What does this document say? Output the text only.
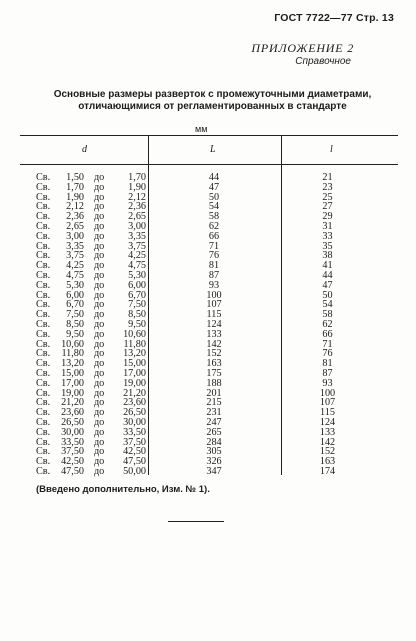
ГОСТ 7722—77 Стр. 13
ПРИЛОЖЕНИЕ 2
Справочное
Основные размеры разверток с промежуточными диаметрами,
отличающимися от регламентированных в стандарте
мм
d	L	l
Св. 1,50 до 1,70
Св. 1,70 до 1,90
Св. 1,90 до 2,12
Св. 2,12 до 2,36
Св. 2,36 до 2,65
Св. 2,65 до 3,00
Св. 3,00 до 3,35
Св. 3,35 до 3,75
Св. 3,75 до 4,25
Св. 4,25 до 4,75
Св. 4,75 до 5,30
Св. 5,30 до 6,00
Св. 6,00 до 6,70
Св. 6,70 до 7,50
Св. 7,50 до 8,50
Св. 8,50 до 9,50
Св. 9,50 до 10,60
Св. 10,60 до 11,80
Св. 11,80 до 13,20
Св. 13,20 до 15,00
Св. 15,00 до 17,00
Св. 17,00 до 19,00
Св. 19,00 до 21,20
Св. 21,20 до 23,60
Св. 23,60 до 26,50
Св. 26,50 до 30,00
Св. 30,00 до 33,50
Св. 33,50 до 37,50
Св. 37,50 до 42,50
Св. 42,50 до 47,50
Св. 47,50 до 50,00
44
47
50
54
58
62
66
71
76
81
87
93
100
107
115
124
133
142
152
163
175
188
201
215
231
247
265
284
305
326
347
21
23
25
27
29
31
33
35
38
41
44
47
50
54
58
62
66
71
76
81
87
93
100
107
115
124
133
142
152
163
174
(Введено дополнительно, Изм. № 1).
